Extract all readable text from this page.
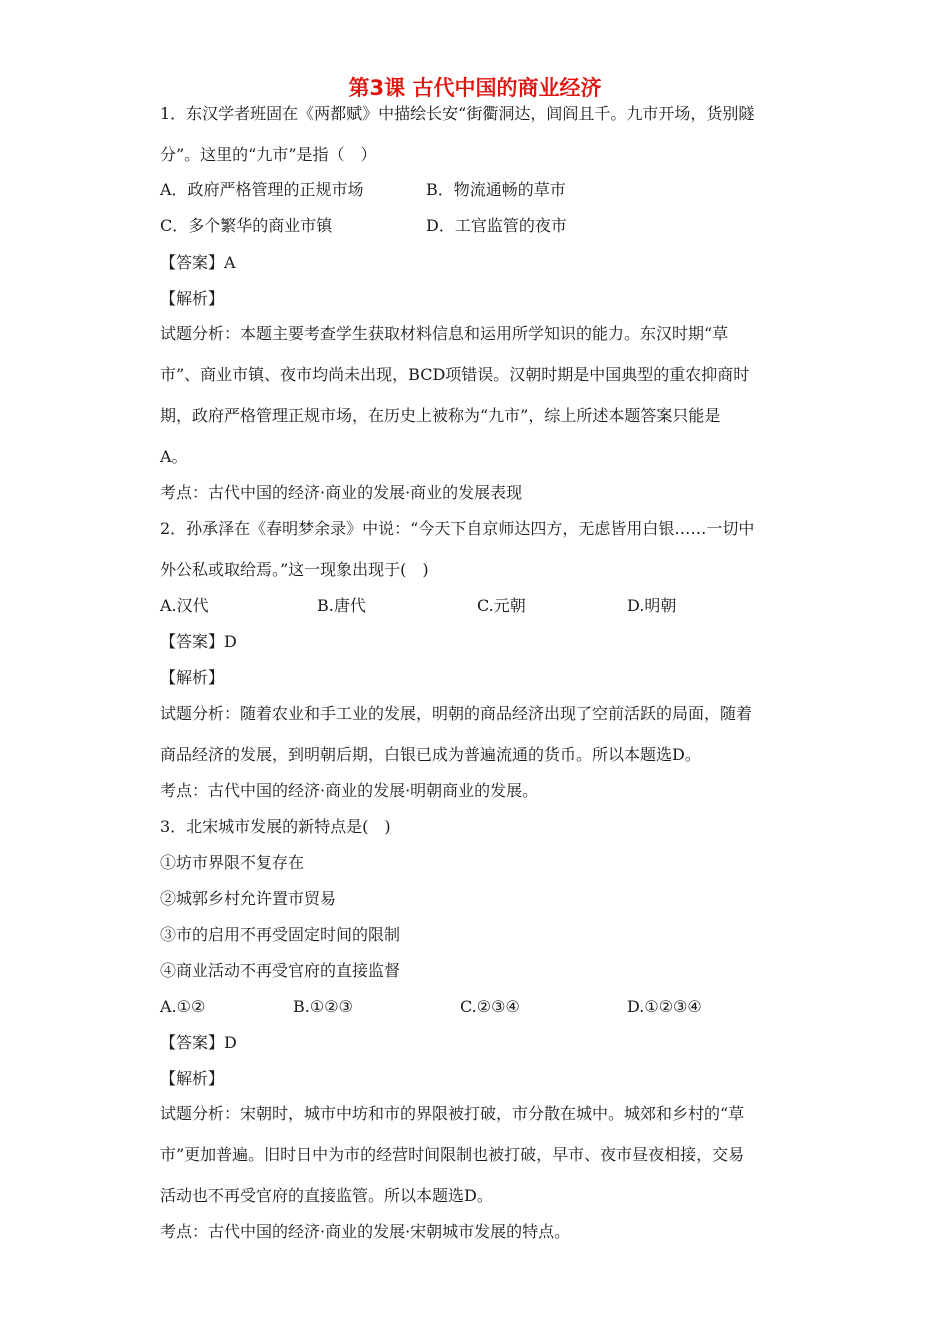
第3课 古代中国的商业经济
1．东汉学者班固在《两都赋》中描绘长安“街衢洞达，闾阎且千。九市开场，货别隧
分”。这里的“九市”是指（　）
A．政府严格管理的正规市场	B．物流通畅的草市
C．多个繁华的商业市镇	D．工官监管的夜市
【答案】A
【解析】
试题分析：本题主要考查学生获取材料信息和运用所学知识的能力。东汉时期“草
市”、商业市镇、夜市均尚未出现，BCD项错误。汉朝时期是中国典型的重农抑商时
期，政府严格管理正规市场，在历史上被称为“九市”，综上所述本题答案只能是
A。
考点：古代中国的经济·商业的发展·商业的发展表现
2．孙承泽在《春明梦余录》中说：“今天下自京师达四方，无虑皆用白银……一切中
外公私或取给焉。”这一现象出现于(　)
A.汉代	B.唐代	C.元朝	D.明朝
【答案】D
【解析】
试题分析：随着农业和手工业的发展，明朝的商品经济出现了空前活跃的局面，随着
商品经济的发展，到明朝后期，白银已成为普遍流通的货币。所以本题选D。
考点：古代中国的经济·商业的发展·明朝商业的发展。
3．北宋城市发展的新特点是(　)
①坊市界限不复存在
②城郭乡村允许置市贸易
③市的启用不再受固定时间的限制
④商业活动不再受官府的直接监督
A.①②	B.①②③	C.②③④	D.①②③④
【答案】D
【解析】
试题分析：宋朝时，城市中坊和市的界限被打破，市分散在城中。城郊和乡村的“草
市”更加普遍。旧时日中为市的经营时间限制也被打破，早市、夜市昼夜相接，交易
活动也不再受官府的直接监管。所以本题选D。
考点：古代中国的经济·商业的发展·宋朝城市发展的特点。
